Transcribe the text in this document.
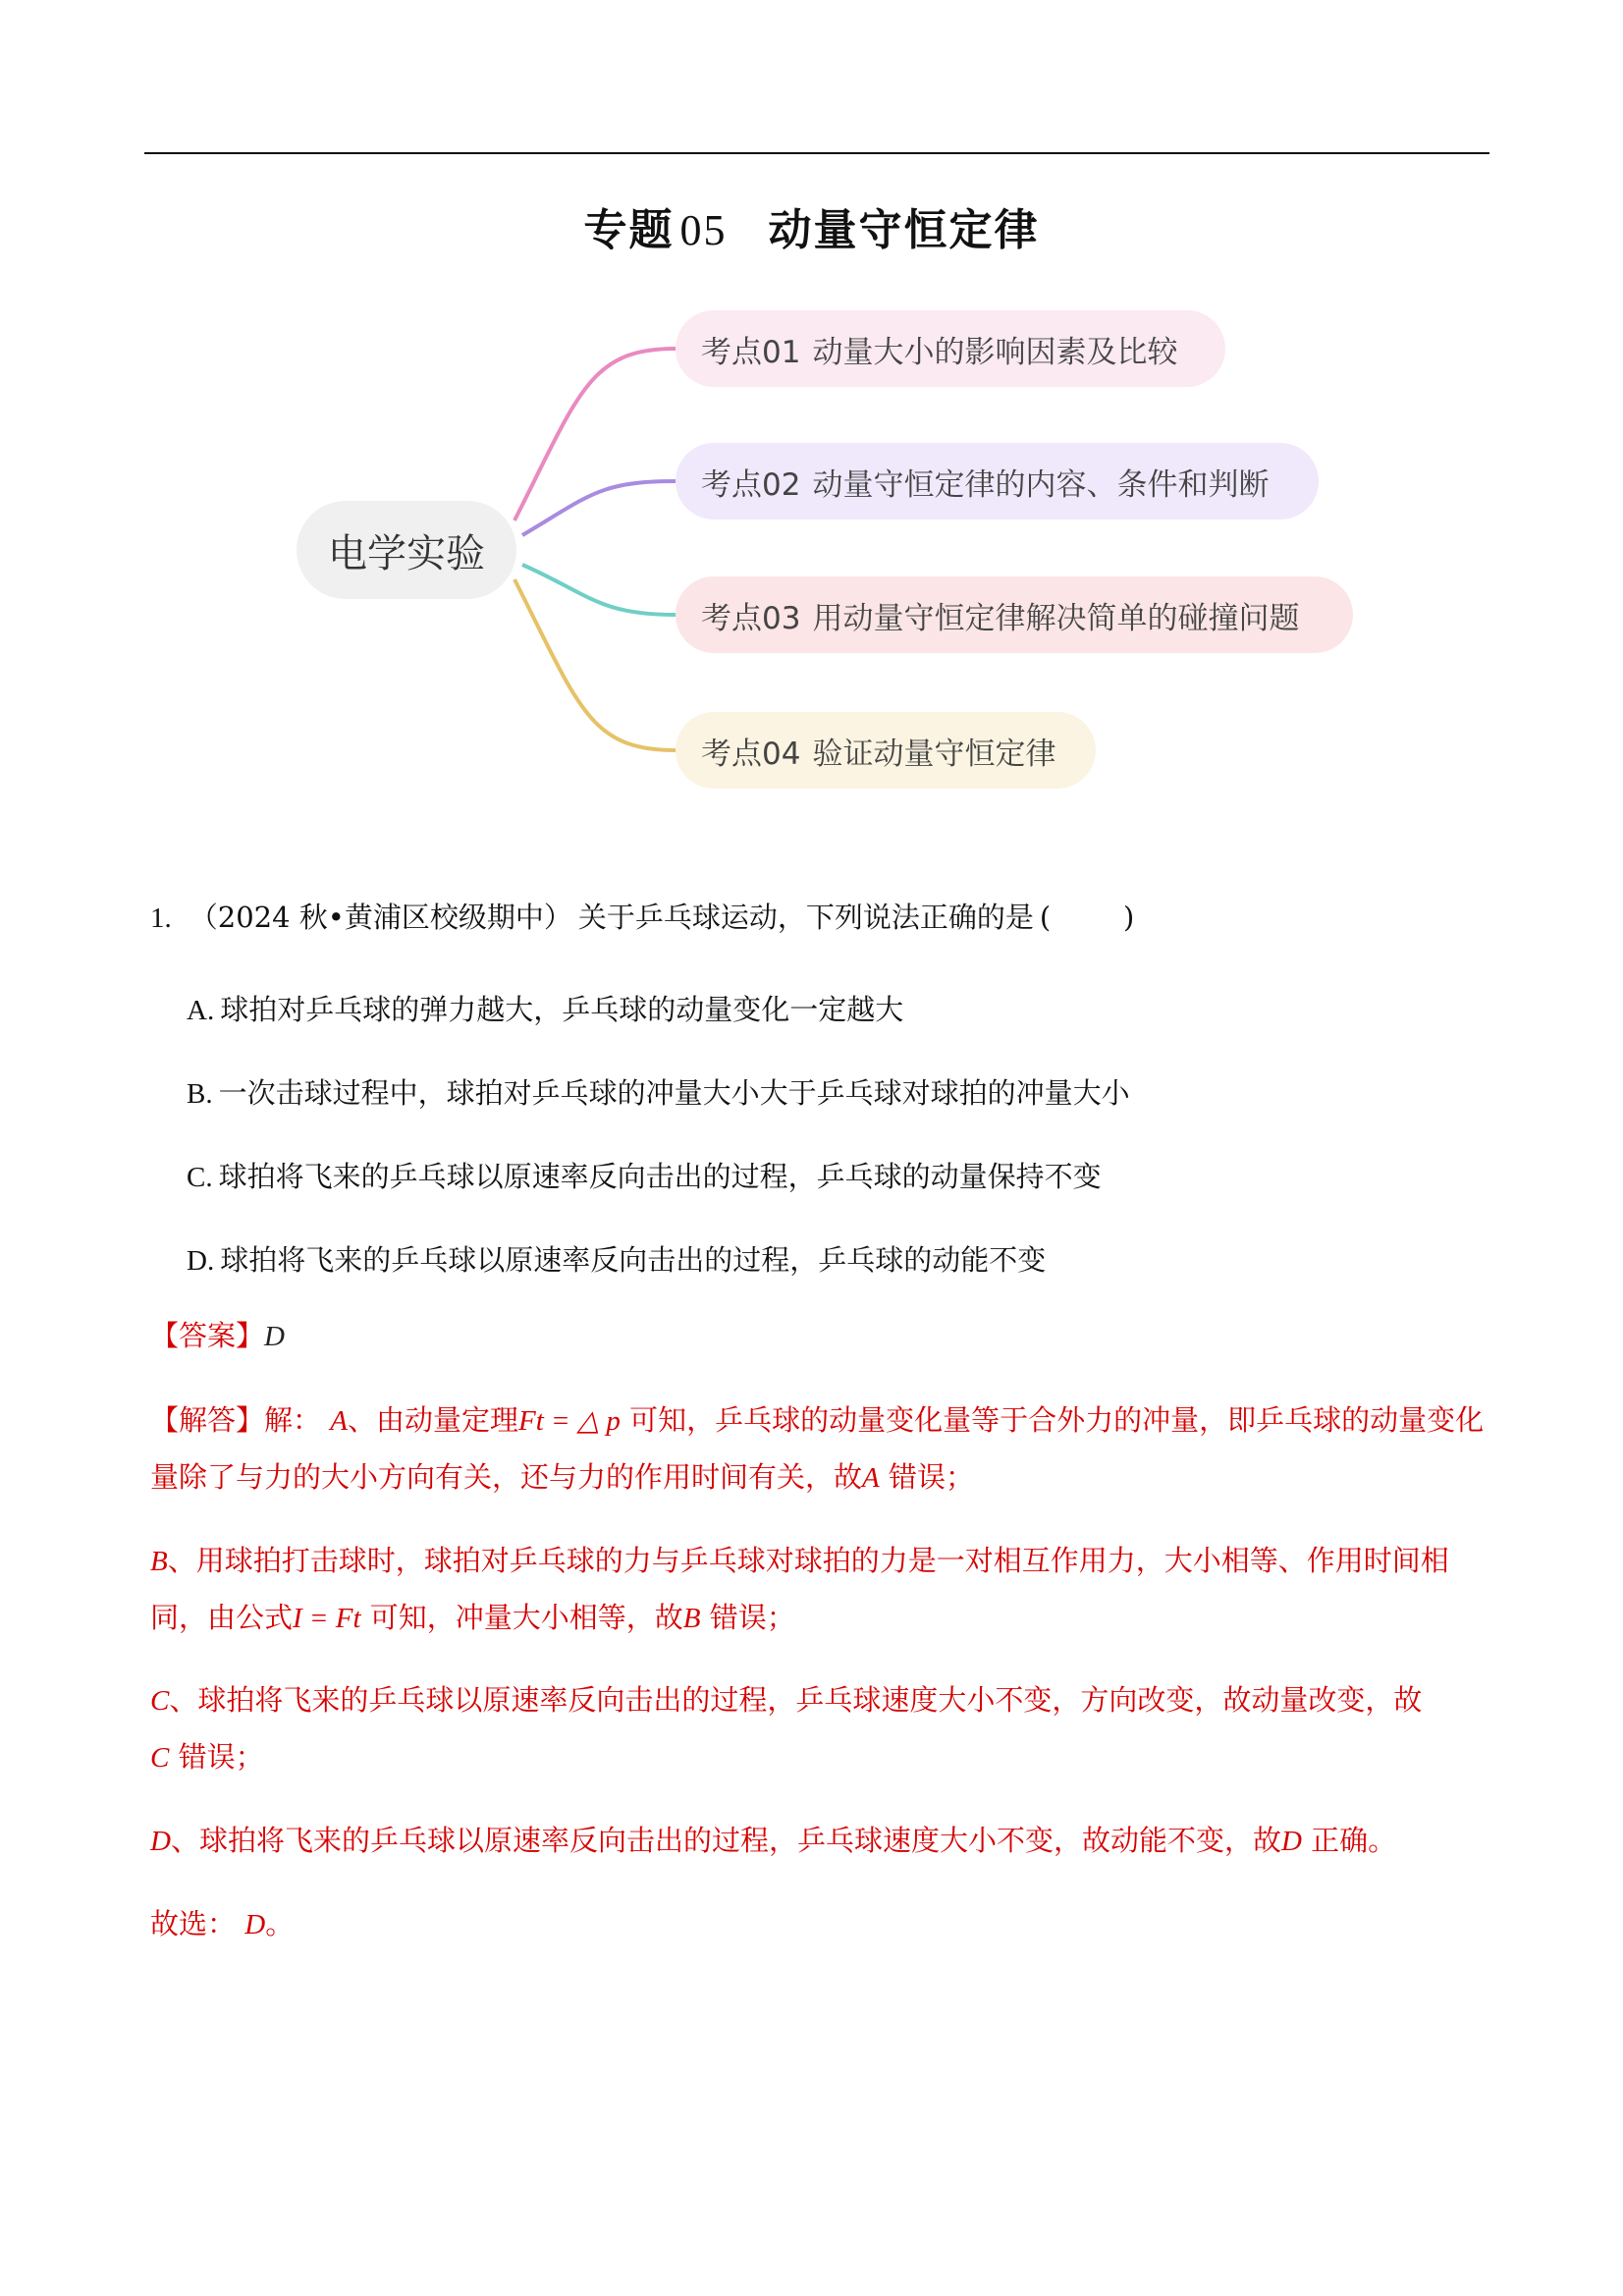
专题 05 动量守恒定律
电学实验
考点01 动量大小的影响因素及比较
考点02 动量守恒定律的内容、条件和判断
考点03 用动量守恒定律解决简单的碰撞问题
考点04 验证动量守恒定律
1. （2024 秋•黄浦区校级期中） 关于乒乓球运动，下列说法正确的是 (        )
A. 球拍对乒乓球的弹力越大，乒乓球的动量变化一定越大
B. 一次击球过程中，球拍对乒乓球的冲量大小大于乒乓球对球拍的冲量大小
C. 球拍将飞来的乒乓球以原速率反向击出的过程，乒乓球的动量保持不变
D. 球拍将飞来的乒乓球以原速率反向击出的过程，乒乓球的动能不变
【答案】D
【解答】解： A、由动量定理Ft = △ p 可知，乒乓球的动量变化量等于合外力的冲量，即乒乓球的动量变化量除了与力的大小方向有关，还与力的作用时间有关，故A 错误；
B、用球拍打击球时，球拍对乒乓球的力与乒乓球对球拍的力是一对相互作用力，大小相等、作用时间相同，由公式I = Ft 可知，冲量大小相等，故B 错误；
C、球拍将飞来的乒乓球以原速率反向击出的过程，乒乓球速度大小不变，方向改变，故动量改变，故
C 错误；
D、球拍将飞来的乒乓球以原速率反向击出的过程，乒乓球速度大小不变，故动能不变，故D 正确。
故选： D。
